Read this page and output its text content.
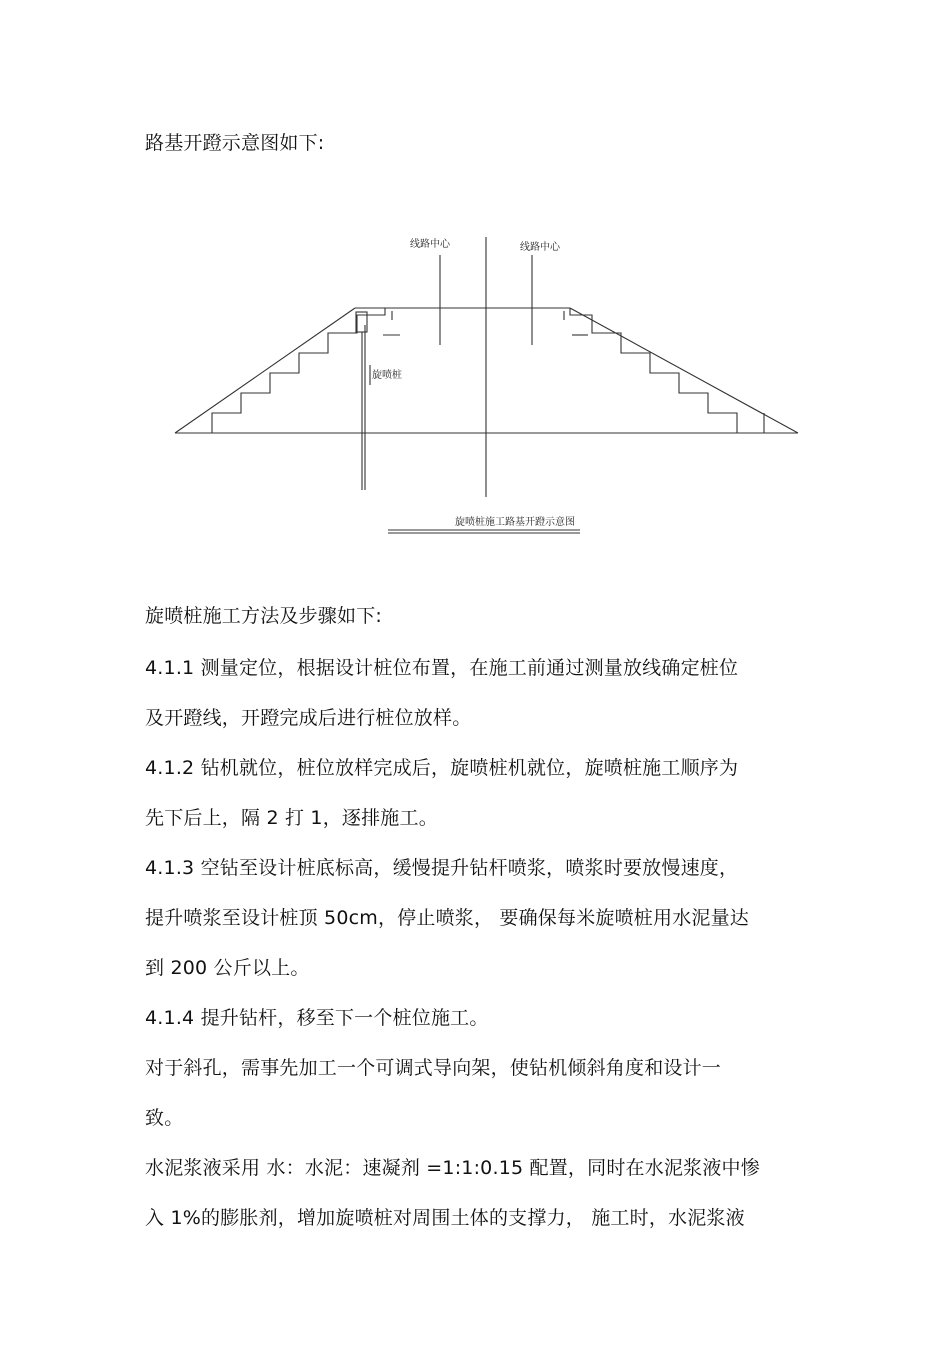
路基开蹬示意图如下:

线路中心	线路中心
旋喷桩
旋喷桩施工路基开蹬示意图

旋喷桩施工方法及步骤如下:

4.1.1 测量定位，根据设计桩位布置，在施工前通过测量放线确定桩位

及开蹬线，开蹬完成后进行桩位放样。

4.1.2 钻机就位，桩位放样完成后，旋喷桩机就位，旋喷桩施工顺序为

先下后上，隔 2 打 1，逐排施工。

4.1.3 空钻至设计桩底标高，缓慢提升钻杆喷浆，喷浆时要放慢速度，

提升喷浆至设计桩顶 50cm，停止喷浆， 要确保每米旋喷桩用水泥量达

到 200 公斤以上。

4.1.4 提升钻杆，移至下一个桩位施工。

对于斜孔，需事先加工一个可调式导向架，使钻机倾斜角度和设计一

致。

水泥浆液采用 水：水泥：速凝剂 =1:1:0.15 配置，同时在水泥浆液中惨

入 1%的膨胀剂，增加旋喷桩对周围土体的支撑力， 施工时，水泥浆液
